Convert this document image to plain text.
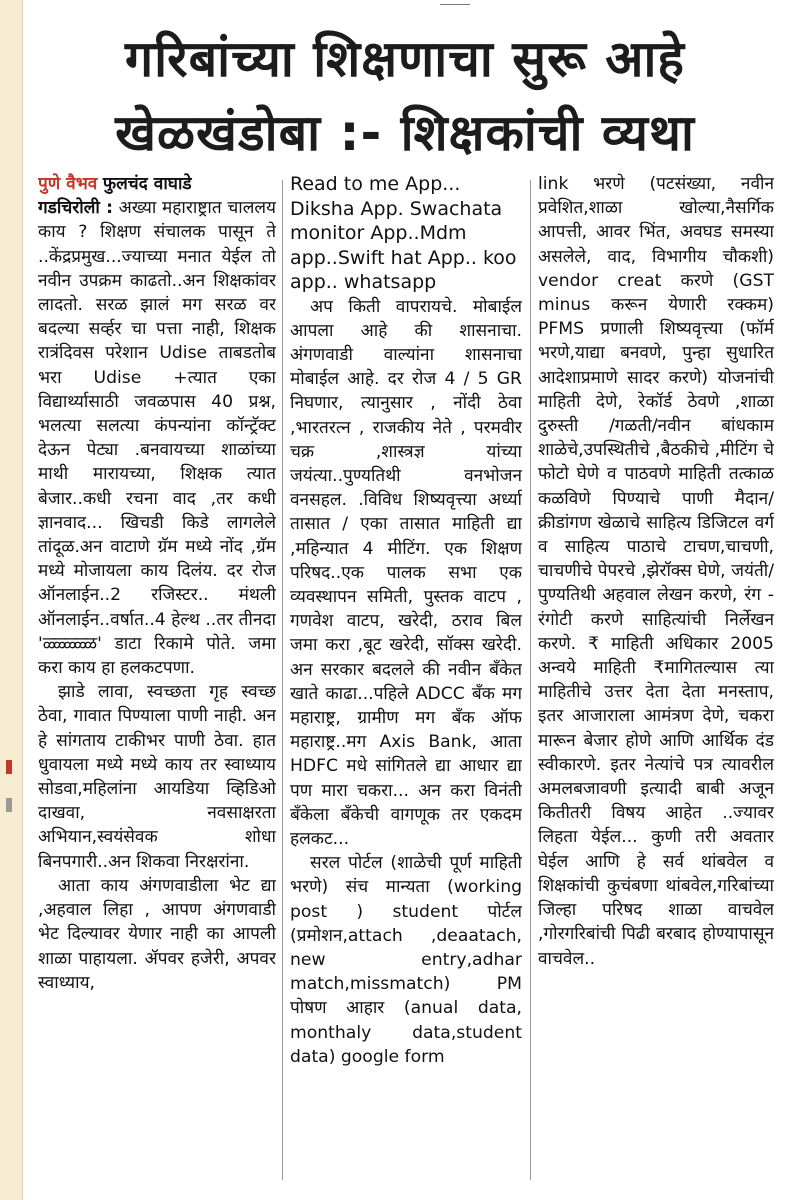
गरिबांच्या शिक्षणाचा सुरू आहे
खेळखंडोबा :- शिक्षकांची व्यथा

पुणे वैभव फुलचंद वाघाडे
गडचिरोली : अख्या महाराष्ट्रात चाललय काय ? शिक्षण संचालक पासून ते ..केंद्रप्रमुख...ज्याच्या मनात येईल तो नवीन उपक्रम काढतो..अन शिक्षकांवर लादतो. सरळ झालं मग सरळ वर बदल्या सर्व्हर चा पत्ता नाही, शिक्षक रात्रंदिवस परेशान Udise ताबडतोब भरा Udise +त्यात एका विद्यार्थ्यासाठी जवळपास 40 प्रश्न, भलत्या सलत्या कंपन्यांना कॉन्ट्रॅक्ट देऊन पेट्या .बनवायच्या शाळांच्या माथी मारायच्या, शिक्षक त्यात बेजार..कधी रचना वाद ,तर कधी ज्ञानवाद... खिचडी किडे लागलेले तांदूळ.अन वाटाणे ग्रॅम मध्ये नोंद ,ग्रॅम मध्ये मोजायला काय दिलंय. दर रोज ऑनलाईन..2 रजिस्टर.. मंथली ऑनलाईन..वर्षात..4 हेल्थ ..तर तीनदा 'ळ्ळ्ळ्ळ्ळ' डाटा रिकामे पोते. जमा करा काय हा हलकटपणा.

झाडे लावा, स्वच्छता गृह स्वच्छ ठेवा, गावात पिण्याला पाणी नाही. अन हे सांगताय टाकीभर पाणी ठेवा. हात धुवायला मध्ये मध्ये काय तर स्वाध्याय सोडवा,महिलांना आयडिया व्हिडिओ दाखवा, नवसाक्षरता अभियान,स्वयंसेवक शोधा बिनपगारी..अन शिकवा निरक्षरांना.

आता काय अंगणवाडीला भेट द्या ,अहवाल लिहा , आपण अंगणवाडी भेट दिल्यावर येणार नाही का आपली शाळा पाहायला. ॲपवर हजेरी, अपवर स्वाध्याय,

Read to me App... Diksha App. Swachata monitor App..Mdm app..Swift hat App.. koo app.. whatsapp

अप किती वापरायचे. मोबाईल आपला आहे की शासनाचा. अंगणवाडी वाल्यांना शासनाचा मोबाईल आहे. दर रोज 4 / 5 GR निघणार, त्यानुसार , नोंदी ठेवा ,भारतरत्न , राजकीय नेते , परमवीर चक्र ,शास्त्रज्ञ यांच्या जयंत्या..पुण्यतिथी वनभोजन वनसहल. .विविध शिष्यवृत्त्या अर्ध्या तासात / एका तासात माहिती द्या ,महिन्यात 4 मीटिंग. एक शिक्षण परिषद..एक पालक सभा एक व्यवस्थापन समिती, पुस्तक वाटप , गणवेश वाटप, खरेदी, ठराव बिल जमा करा ,बूट खरेदी, सॉक्स खरेदी. अन सरकार बदलले की नवीन बँकेत खाते काढा...पहिले ADCC बँक मग महाराष्ट्र, ग्रामीण मग बँक ऑफ महाराष्ट्र..मग Axis Bank, आता HDFC मधे सांगितले द्या आधार द्या पण मारा चकरा... अन करा विनंती बँकेला बँकेची वागणूक तर एकदम हलकट...

सरल पोर्टल (शाळेची पूर्ण माहिती भरणे) संच मान्यता (working post ) student पोर्टल (प्रमोशन,attach ,deaatach, new entry,adhar match,missmatch) PM पोषण आहार (anual data, monthaly data,student data) google form

link भरणे (पटसंख्या, नवीन प्रवेशित,शाळा खोल्या,नैसर्गिक आपत्ती, आवर भिंत, अवघड समस्या असलेले, वाद, विभागीय चौकशी) vendor creat करणे (GST minus करून येणारी रक्कम) PFMS प्रणाली शिष्यवृत्त्या (फॉर्म भरणे,याद्या बनवणे, पुन्हा सुधारित आदेशाप्रमाणे सादर करणे) योजनांची माहिती देणे, रेकॉर्ड ठेवणे ,शाळा दुरुस्ती /गळती/नवीन बांधकाम शाळेचे,उपस्थितीचे ,बैठकीचे ,मीटिंग चे फोटो घेणे व पाठवणे माहिती तत्काळ कळविणे पिण्याचे पाणी मैदान/क्रीडांगण खेळाचे साहित्य डिजिटल वर्ग व साहित्य पाठाचे टाचण,चाचणी, चाचणीचे पेपरचे ,झेरॉक्स घेणे, जयंती/पुण्यतिथी अहवाल लेखन करणे, रंग - रंगोटी करणे साहित्यांची निर्लेखन करणे. ₹ माहिती अधिकार 2005 अन्वये माहिती ₹मागितल्यास त्या माहितीचे उत्तर देता देता मनस्ताप, इतर आजाराला आमंत्रण देणे, चकरा मारून बेजार होणे आणि आर्थिक दंड स्वीकारणे. इतर नेत्यांचे पत्र त्यावरील अमलबजावणी इत्यादी बाबी अजून कितीतरी विषय आहेत ..ज्यावर लिहता येईल... कुणी तरी अवतार घेईल आणि हे सर्व थांबवेल व शिक्षकांची कुचंबणा थांबवेल,गरिबांच्या जिल्हा परिषद शाळा वाचवेल ,गोरगरिबांची पिढी बरबाद होण्यापासून वाचवेल..
